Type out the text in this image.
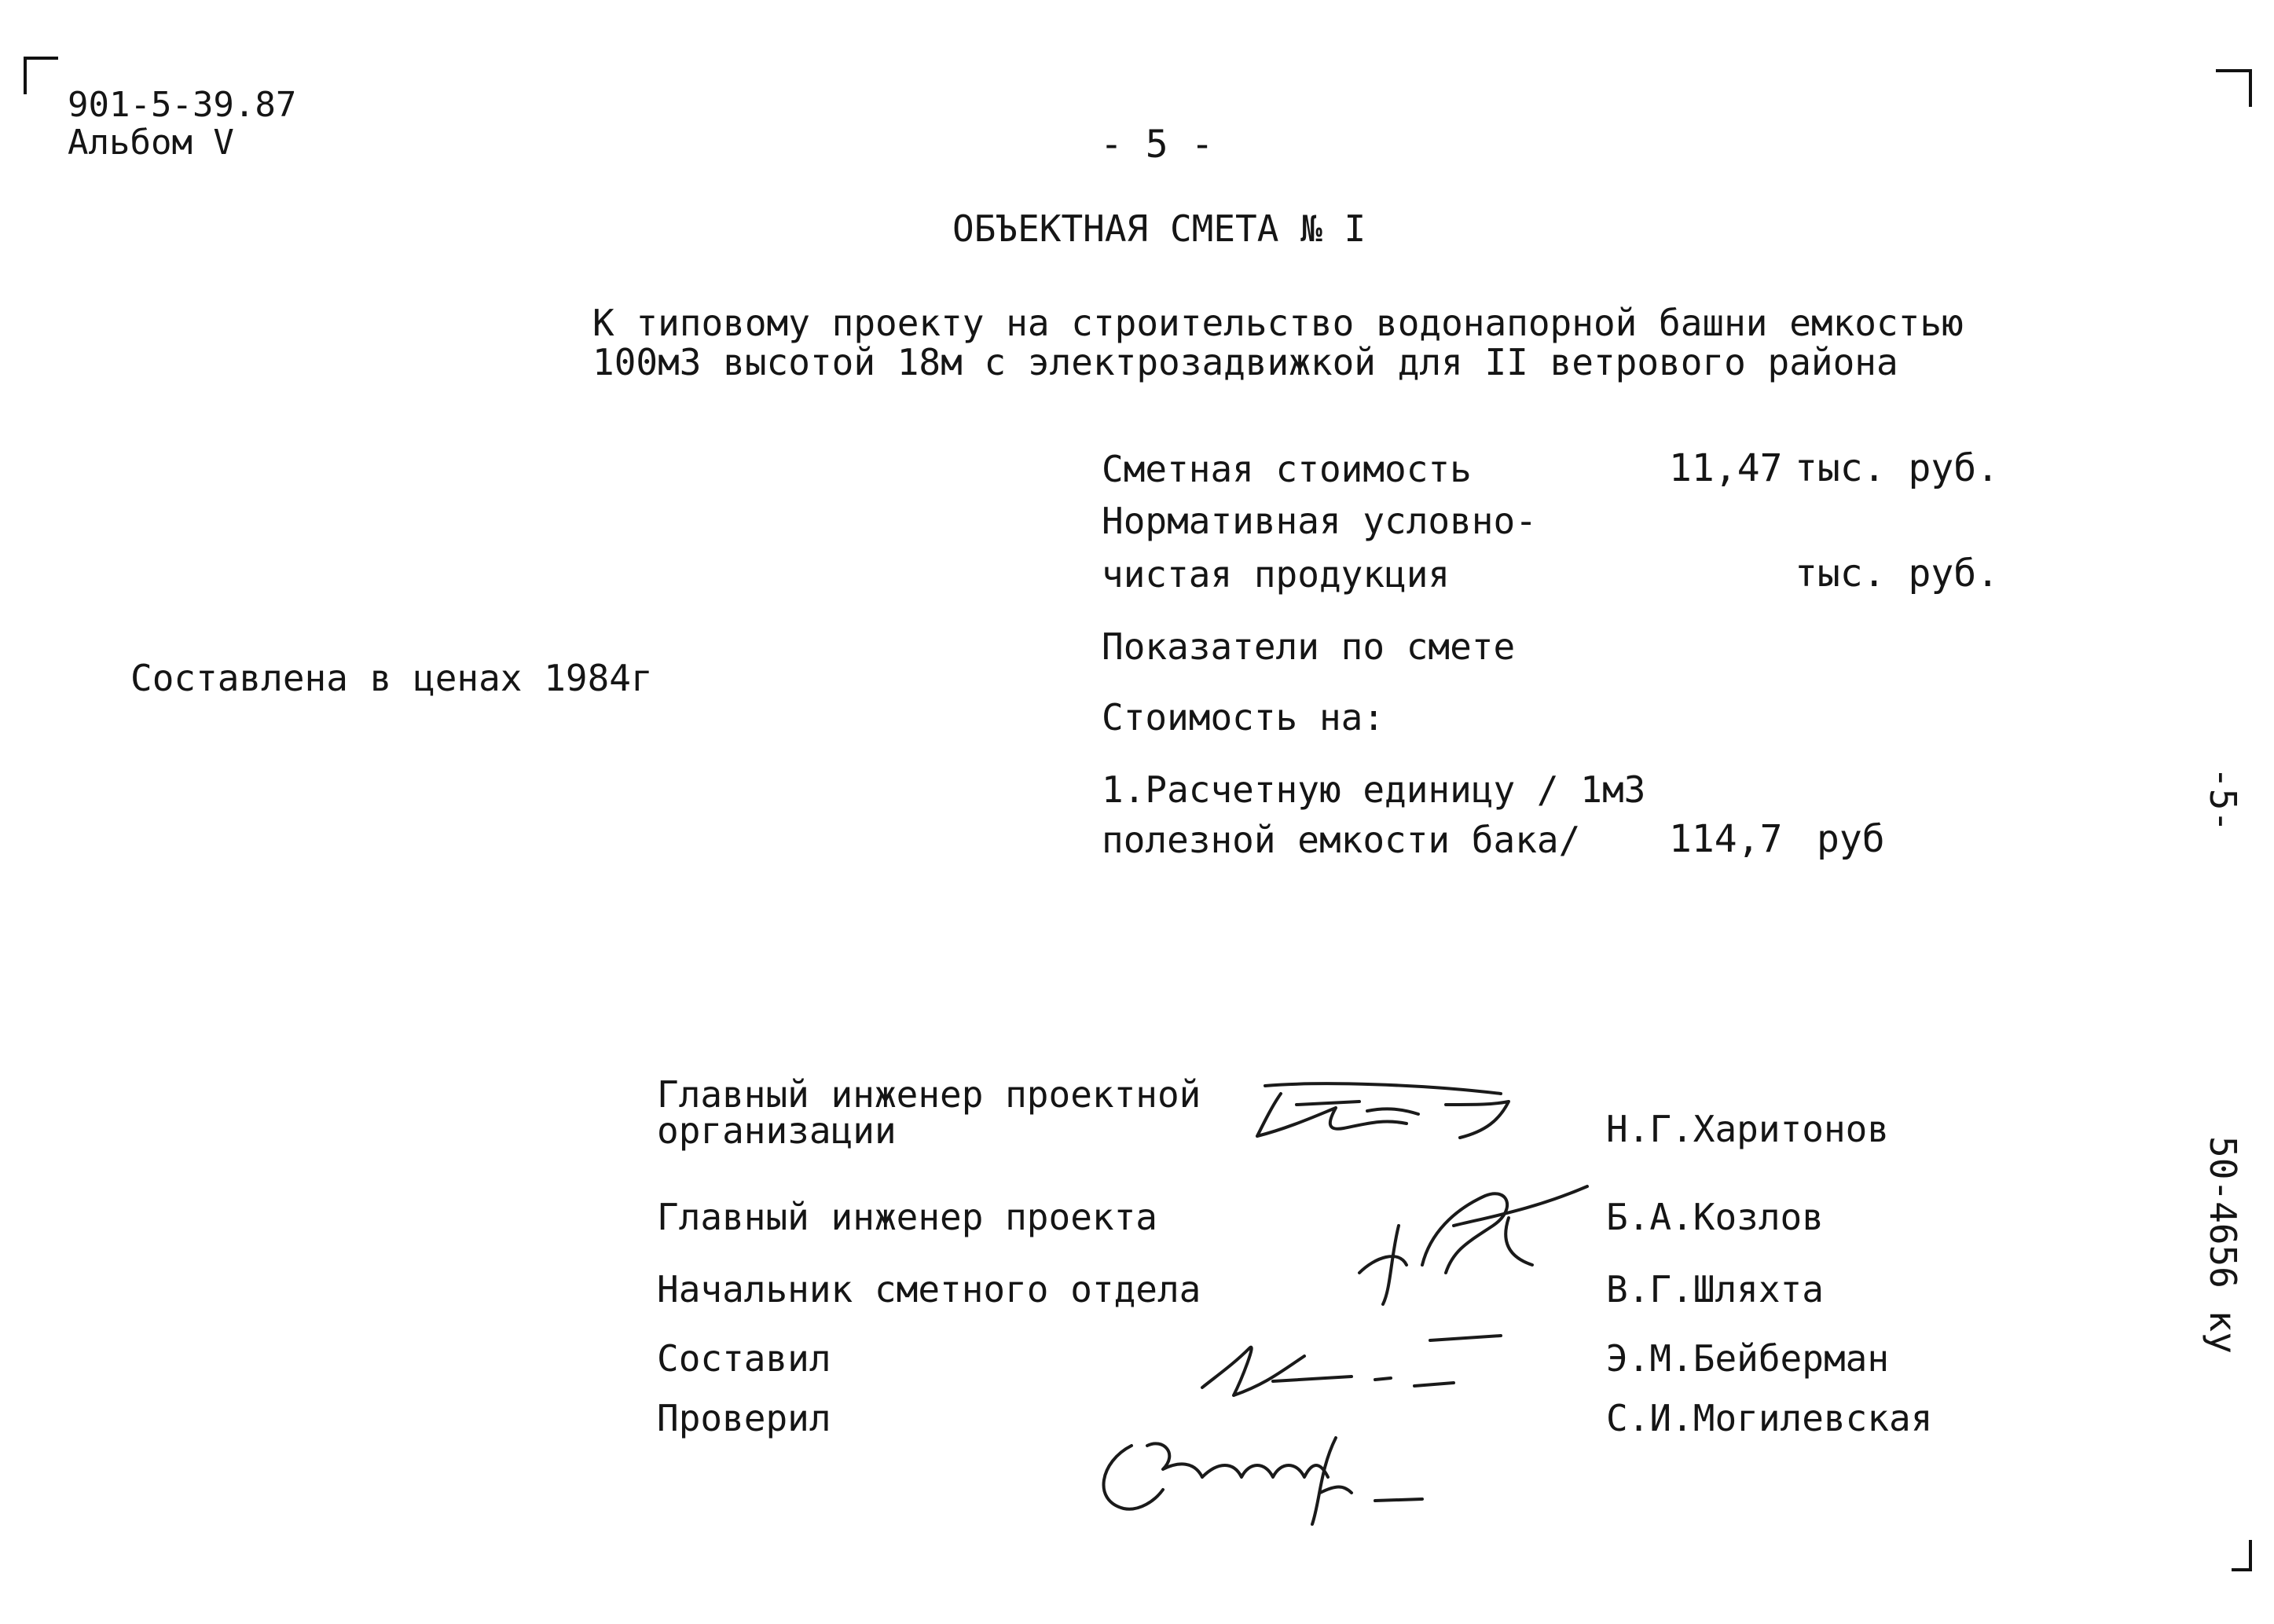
901-5-39.87
Альбом V	- 5 -
ОБЪЕКТНАЯ СМЕТА № I
К типовому проекту на строительство водонапорной башни емкостью
100м3 высотой 18м с электрозадвижкой для II ветрового района
Составлена в ценах 1984г
Сметная стоимость	11,47 тыс. руб.
Нормативная условно-
чистая продукция	тыс. руб.
Показатели по смете
Стоимость на:
1.Расчетную единицу / 1м3
полезной емкости бака/ 114,7 руб
Главный инженер проектной
организации	Н.Г.Харитонов
Главный инженер проекта	Б.А.Козлов
Начальник сметного отдела	В.Г.Шляхта
Составил	Э.М.Бейберман
Проверил	С.И.Могилевская
-5-
50-4656 ку
